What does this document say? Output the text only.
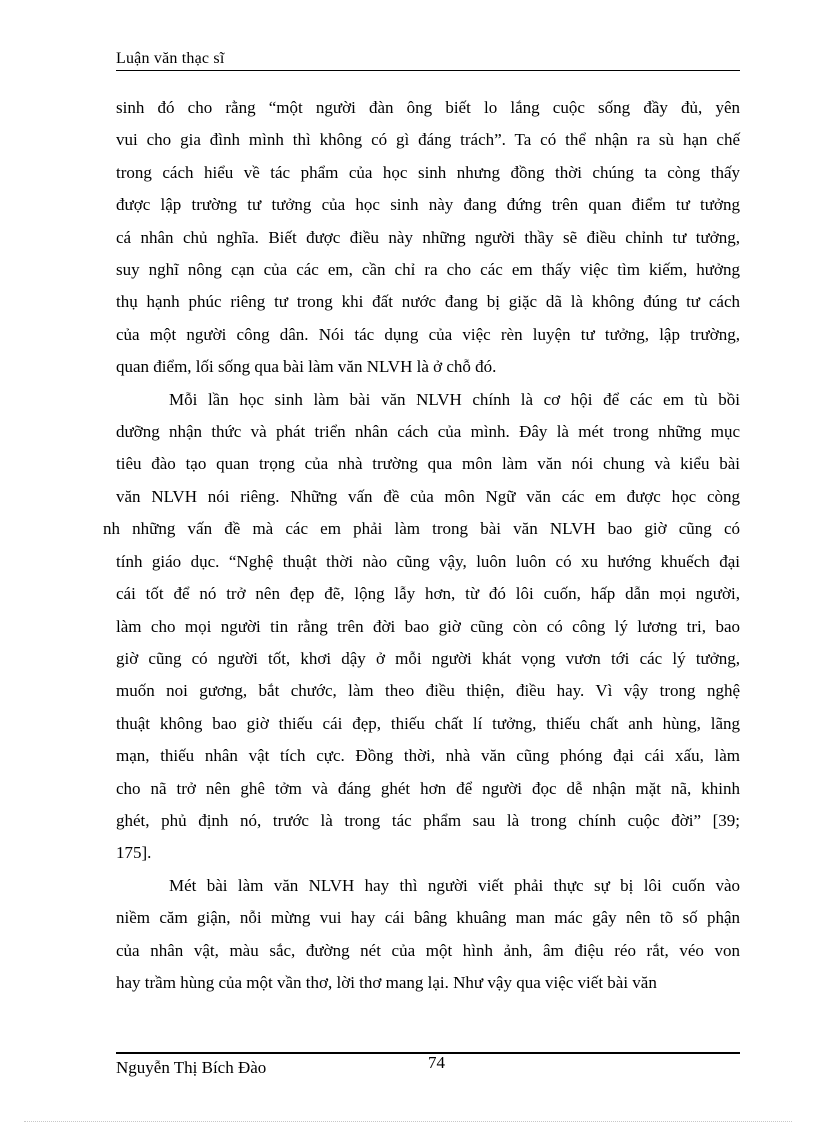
Luận văn thạc sĩ
sinh đó cho rằng “một người đàn ông biết lo lắng cuộc sống đầy đủ, yên
vui cho gia đình mình thì không có gì đáng trách”. Ta có thể nhận ra sù hạn chế
trong cách hiểu về tác phẩm của học sinh nhưng đồng thời chúng ta còng thấy
được lập trường tư tưởng của học sinh này đang đứng trên quan điểm tư tưởng
cá nhân chủ nghĩa. Biết được điều này những người thầy sẽ điều chỉnh tư tưởng,
suy nghĩ nông cạn của các em, cần chỉ ra cho các em thấy việc tìm kiếm, hưởng
thụ hạnh phúc riêng tư trong khi đất nước đang bị giặc dã là không đúng tư cách
của một người công dân. Nói tác dụng của việc rèn luyện tư tưởng, lập trường,
quan điểm, lối sống qua bài làm văn NLVH là ở chỗ đó.
Mỗi lần học sinh làm bài văn NLVH chính là cơ hội để các em tù bồi
dưỡng nhận thức và phát triển nhân cách của mình. Đây là mét trong những mục
tiêu đào tạo quan trọng của nhà trường qua môn làm văn nói chung và kiểu bài
văn NLVH nói riêng. Những vấn đề của môn Ngữ văn các em được học còng
nh những vấn đề mà các em phải làm trong bài văn NLVH bao giờ cũng có
tính giáo dục. “Nghệ thuật thời nào cũng vậy, luôn luôn có xu hướng khuếch đại
cái tốt để nó trở nên đẹp đẽ, lộng lẫy hơn, từ đó lôi cuốn, hấp dẫn mọi người,
làm cho mọi người tin rằng trên đời bao giờ cũng còn có công lý lương tri, bao
giờ cũng có người tốt, khơi dậy ở mỗi người khát vọng vươn tới các lý tưởng,
muốn noi gương, bắt chước, làm theo điều thiện, điều hay. Vì vậy trong nghệ
thuật không bao giờ thiếu cái đẹp, thiếu chất lí tưởng, thiếu chất anh hùng, lãng
mạn, thiếu nhân vật tích cực. Đồng thời, nhà văn cũng phóng đại cái xấu, làm
cho nã trở nên ghê tởm và đáng ghét hơn để người đọc dễ nhận mặt nã, khinh
ghét, phủ định nó, trước là trong tác phẩm sau là trong chính cuộc đời” [39;
175].
Mét bài làm văn NLVH hay thì người viết phải thực sự bị lôi cuốn vào
niềm căm giận, nỗi mừng vui hay cái bâng khuâng man mác gây nên tõ số phận
của nhân vật, màu sắc, đường nét của một hình ảnh, âm điệu réo rắt, véo von
hay trầm hùng của một vần thơ, lời thơ mang lại. Như vậy qua việc viết bài văn
Nguyễn Thị Bích Đào	74
